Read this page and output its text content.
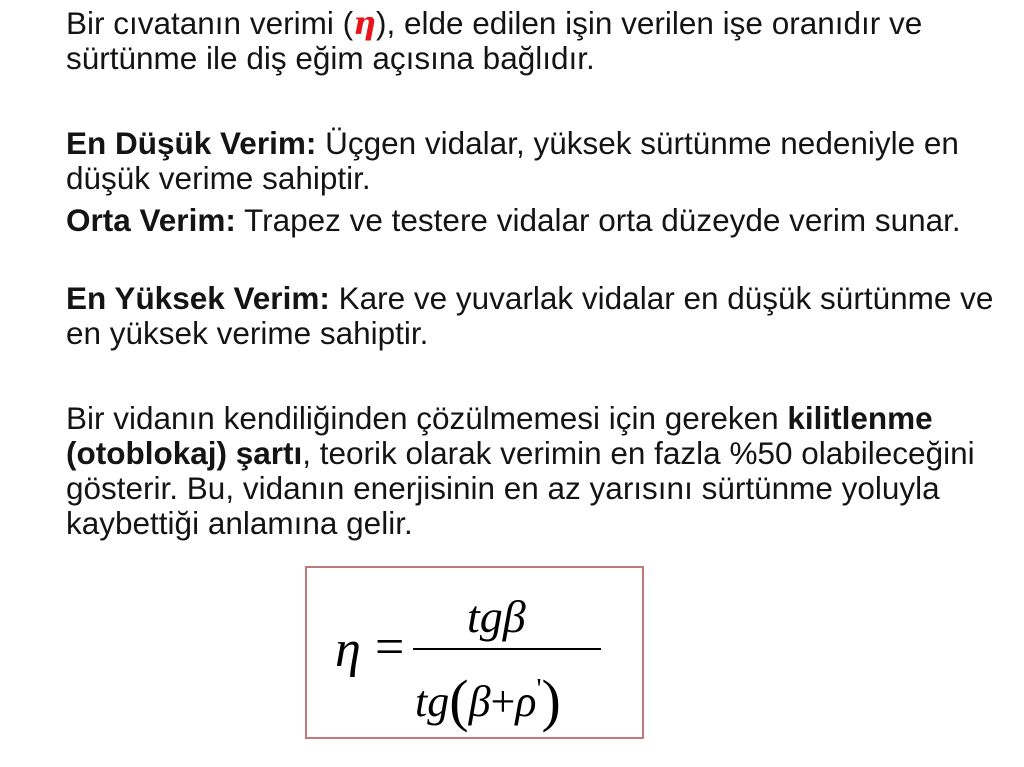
Bir cıvatanın verimi (η), elde edilen işin verilen işe oranıdır ve sürtünme ile diş eğim açısına bağlıdır.

En Düşük Verim: Üçgen vidalar, yüksek sürtünme nedeniyle en düşük verime sahiptir.

Orta Verim: Trapez ve testere vidalar orta düzeyde verim sunar.

En Yüksek Verim: Kare ve yuvarlak vidalar en düşük sürtünme ve en yüksek verime sahiptir.

Bir vidanın kendiliğinden çözülmemesi için gereken kilitlenme (otoblokaj) şartı, teorik olarak verimin en fazla %50 olabileceğini gösterir. Bu, vidanın enerjisinin en az yarısını sürtünme yoluyla kaybettiği anlamına gelir.

η =
tgβ
tg(β+ρ')
